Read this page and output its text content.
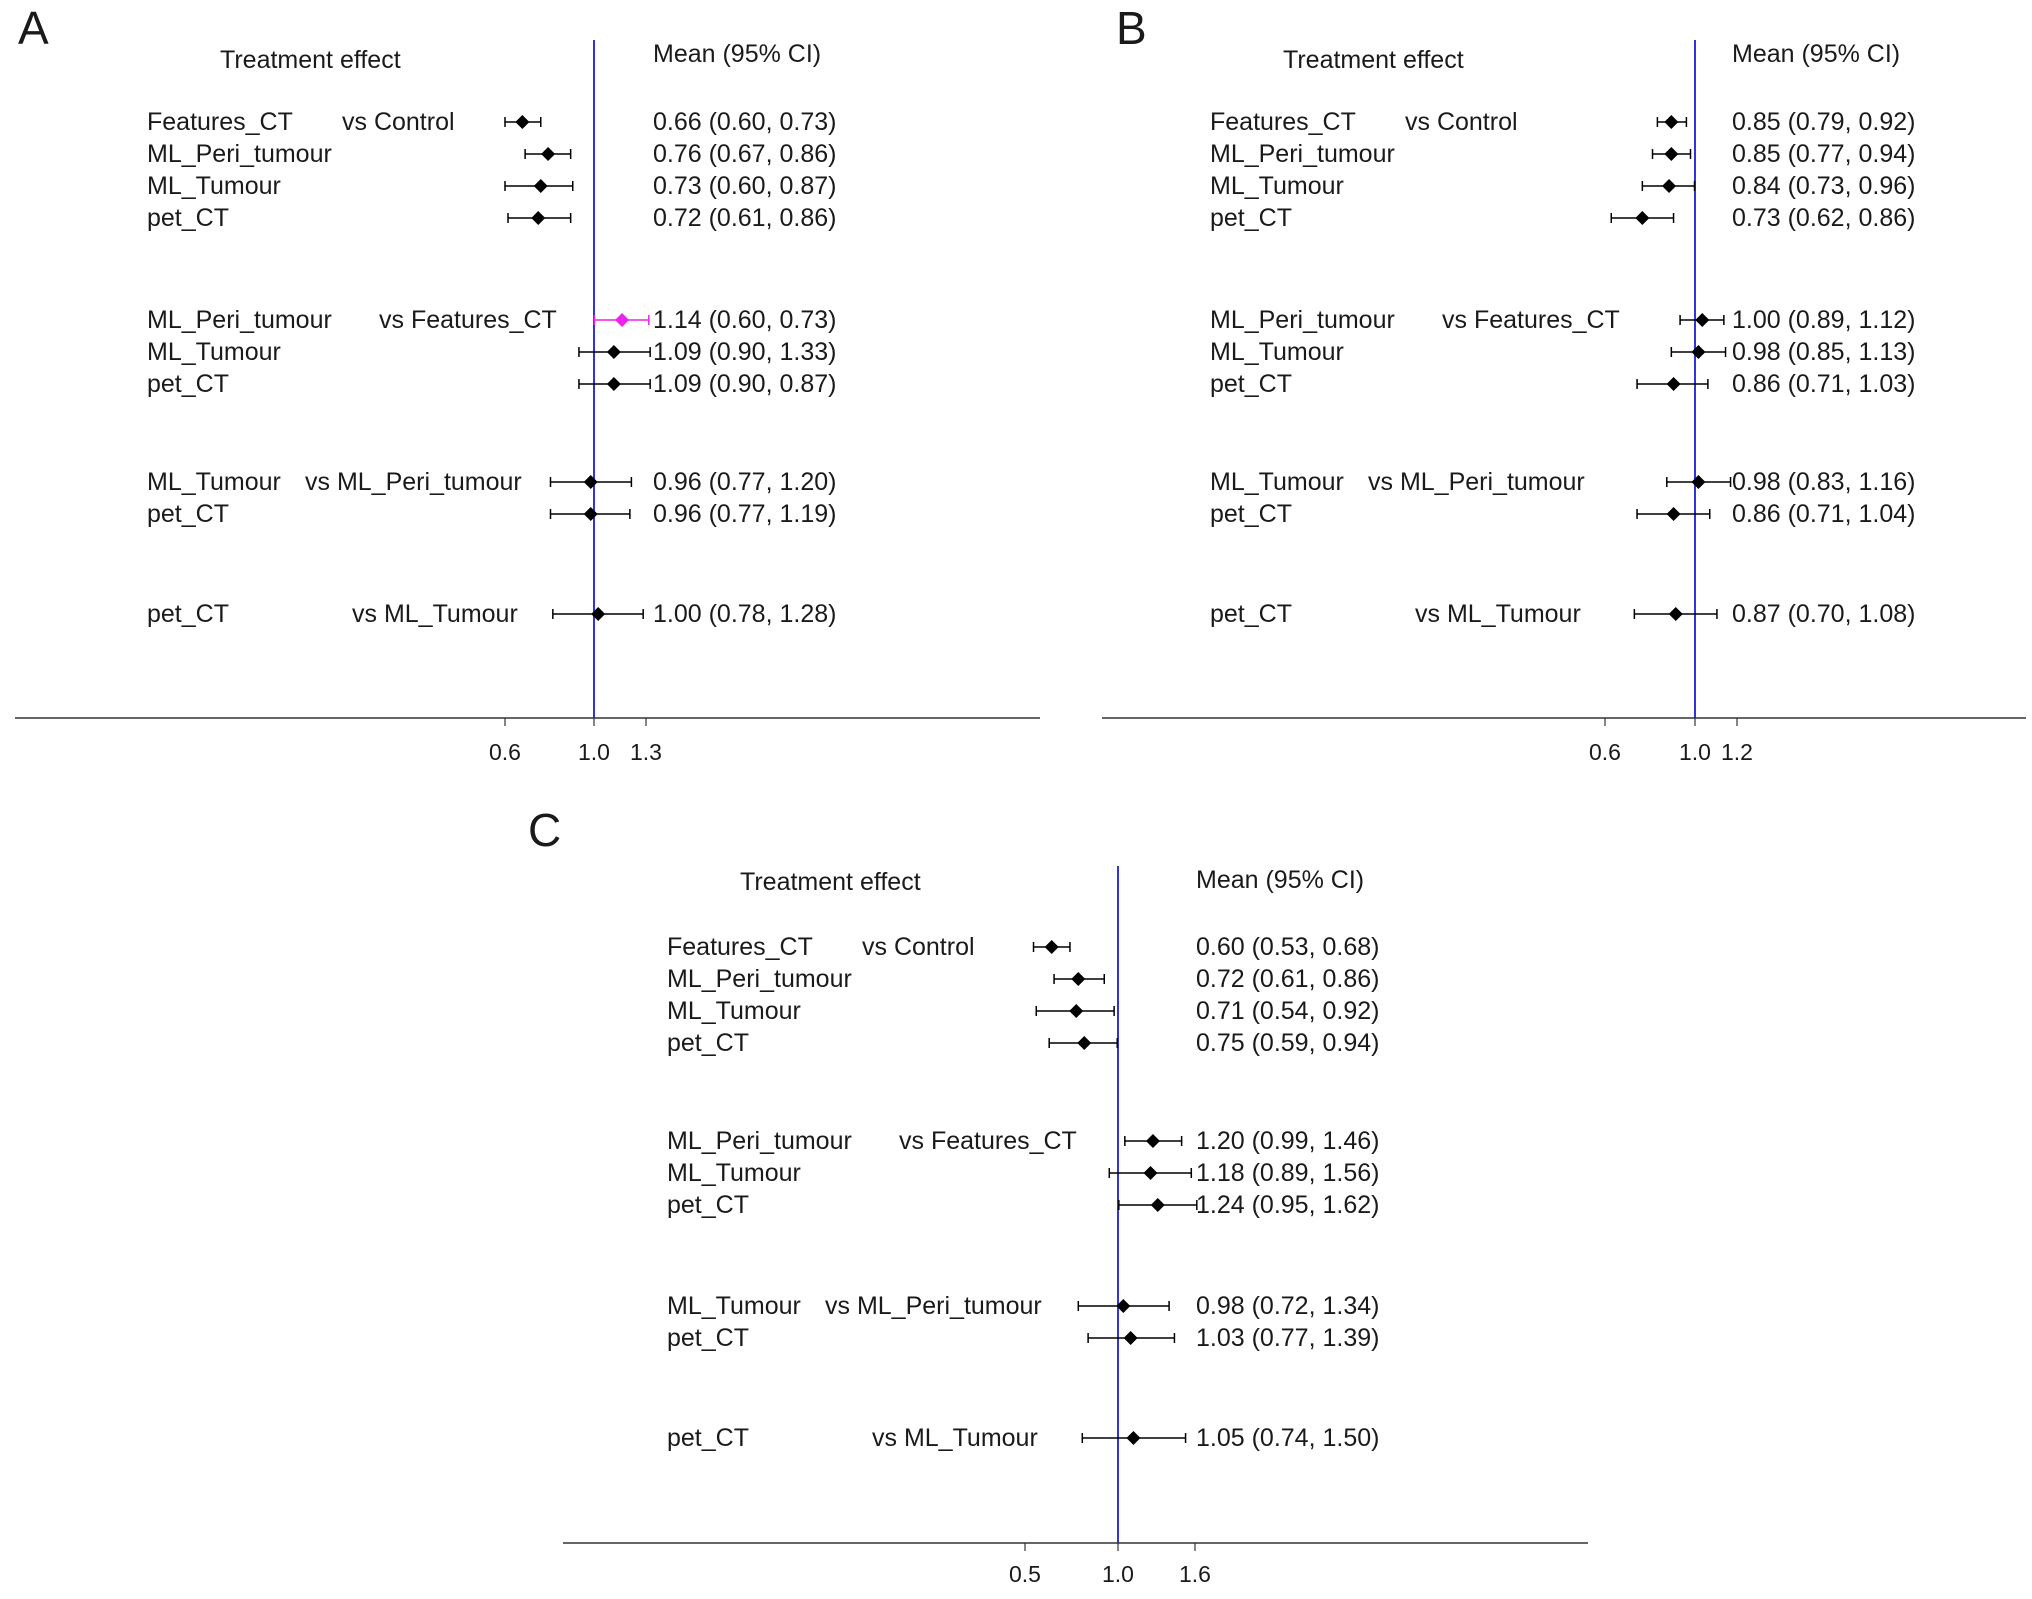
A
Treatment effect	Mean (95% CI)
0.6 1.0 1.3
Features_CT vs Control	0.66 (0.60, 0.73)
ML_Peri_tumour	0.76 (0.67, 0.86)
ML_Tumour	0.73 (0.60, 0.87)
pet_CT	0.72 (0.61, 0.86)
ML_Peri_tumour vs Features_CT	1.14 (0.60, 0.73)
ML_Tumour	1.09 (0.90, 1.33)
pet_CT	1.09 (0.90, 0.87)
ML_Tumour vs ML_Peri_tumour	0.96 (0.77, 1.20)
pet_CT	0.96 (0.77, 1.19)
pet_CT	vs ML_Tumour	1.00 (0.78, 1.28)
B
Treatment effect	Mean (95% CI)
0.6	1.0 1.2
Features_CT vs Control	0.85 (0.79, 0.92)
ML_Peri_tumour	0.85 (0.77, 0.94)
ML_Tumour	0.84 (0.73, 0.96)
pet_CT	0.73 (0.62, 0.86)
ML_Peri_tumour vs Features_CT	1.00 (0.89, 1.12)
ML_Tumour	0.98 (0.85, 1.13)
pet_CT	0.86 (0.71, 1.03)
ML_Tumour vs ML_Peri_tumour	0.98 (0.83, 1.16)
pet_CT	0.86 (0.71, 1.04)
pet_CT	vs ML_Tumour	0.87 (0.70, 1.08)
C
Treatment effect	Mean (95% CI)
0.5	1.0 1.6
Features_CT vs Control	0.60 (0.53, 0.68)
ML_Peri_tumour	0.72 (0.61, 0.86)
ML_Tumour	0.71 (0.54, 0.92)
pet_CT	0.75 (0.59, 0.94)
ML_Peri_tumour vs Features_CT	1.20 (0.99, 1.46)
ML_Tumour	1.18 (0.89, 1.56)
pet_CT	1.24 (0.95, 1.62)
ML_Tumour vs ML_Peri_tumour	0.98 (0.72, 1.34)
pet_CT	1.03 (0.77, 1.39)
pet_CT	vs ML_Tumour	1.05 (0.74, 1.50)
